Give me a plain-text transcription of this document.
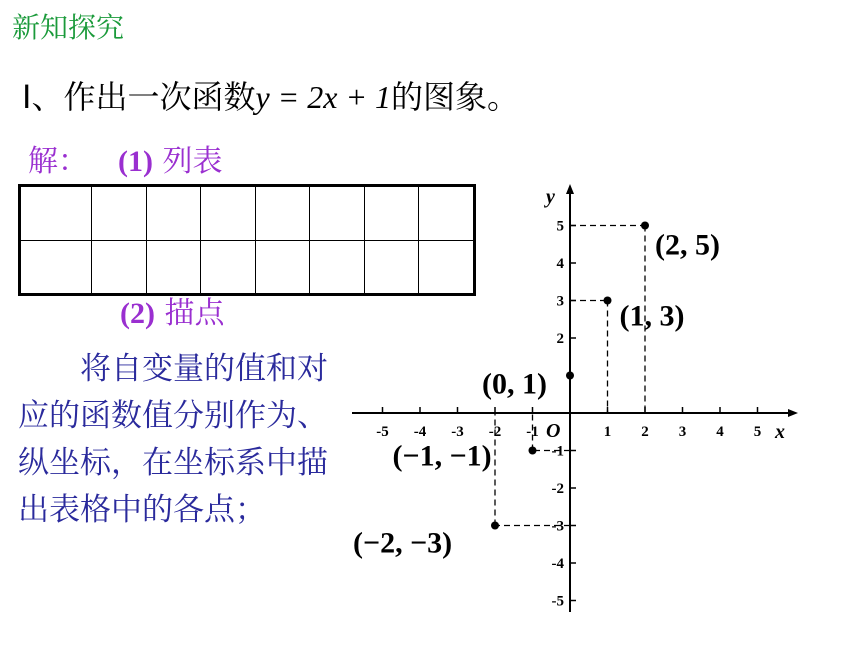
新知探究
Ⅰ、作出一次函数y = 2x + 1的图象。
解： (1) 列表

(2) 描点

将自变量的值和对应的函数值分别作为、纵坐标，在坐标系中描出表格中的各点；

-5 -4 -3 -2 -1	1 2 3 4 5
5
4
3
2
-1
-2
-3
-4
-5
x
y
O
(−2, −3)
(−1, −1)
(0, 1)
(1, 3)
(2, 5)
